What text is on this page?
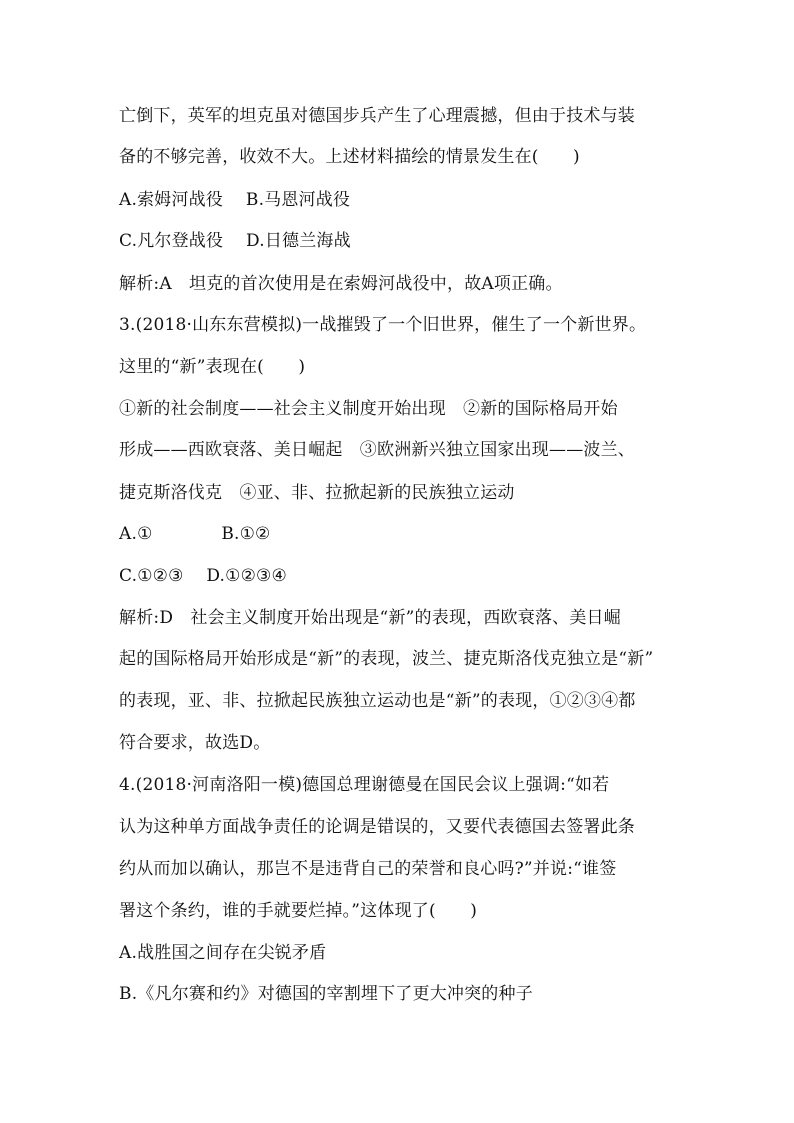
亡倒下，英军的坦克虽对德国步兵产生了心理震撼，但由于技术与装
备的不够完善，收效不大。上述材料描绘的情景发生在(　　)
A.索姆河战役　 B.马恩河战役
C.凡尔登战役　 D.日德兰海战
解析:A　坦克的首次使用是在索姆河战役中，故A项正确。
3.(2018·山东东营模拟)一战摧毁了一个旧世界，催生了一个新世界。
这里的“新”表现在(　　)
①新的社会制度——社会主义制度开始出现　②新的国际格局开始
形成——西欧衰落、美日崛起　③欧洲新兴独立国家出现——波兰、
捷克斯洛伐克　④亚、非、拉掀起新的民族独立运动
A.①　　　　B.①②
C.①②③　 D.①②③④
解析:D　社会主义制度开始出现是“新”的表现，西欧衰落、美日崛
起的国际格局开始形成是“新”的表现，波兰、捷克斯洛伐克独立是“新”
的表现，亚、非、拉掀起民族独立运动也是“新”的表现，①②③④都
符合要求，故选D。
4.(2018·河南洛阳一模)德国总理谢德曼在国民会议上强调:“如若
认为这种单方面战争责任的论调是错误的，又要代表德国去签署此条
约从而加以确认，那岂不是违背自己的荣誉和良心吗?”并说:“谁签
署这个条约，谁的手就要烂掉。”这体现了(　　)
A.战胜国之间存在尖锐矛盾
B.《凡尔赛和约》对德国的宰割埋下了更大冲突的种子
